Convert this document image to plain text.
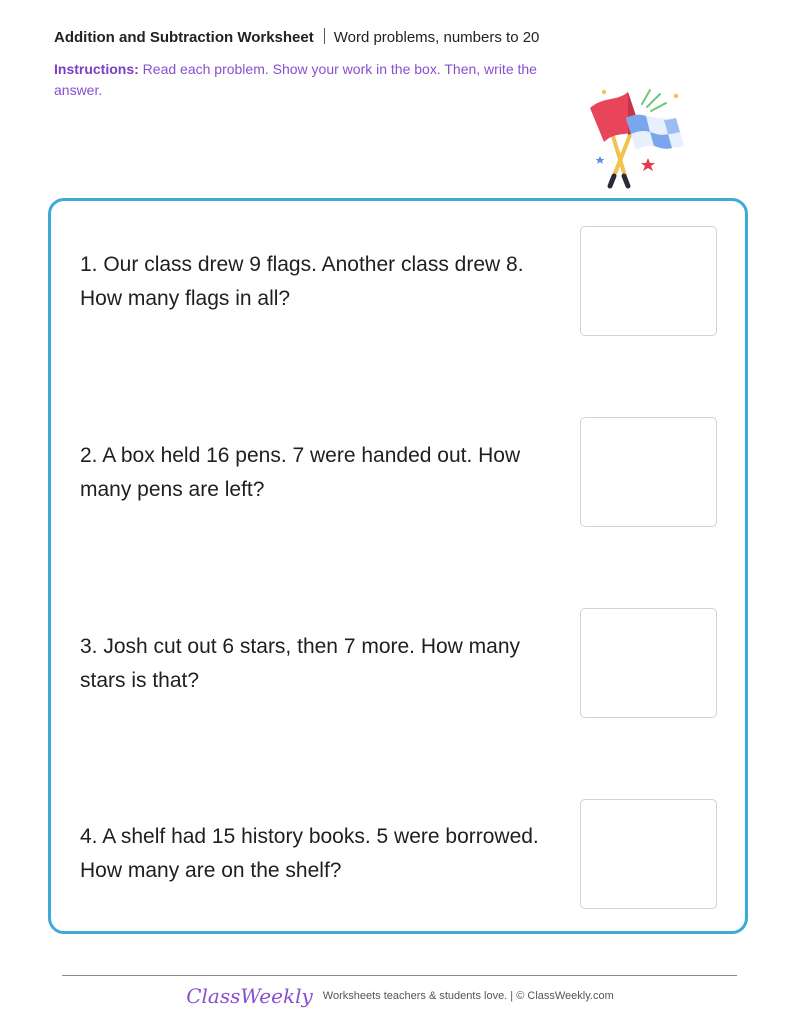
Addition and Subtraction Worksheet Word problems, numbers to 20
Instructions: Read each problem. Show your work in the box. Then, write the answer.
1. Our class drew 9 flags. Another class drew 8. How many flags in all?
2. A box held 16 pens. 7 were handed out. How many pens are left?
3. Josh cut out 6 stars, then 7 more. How many stars is that?
4. A shelf had 15 history books. 5 were borrowed. How many are on the shelf?
ClassWeekly Worksheets teachers & students love. | © ClassWeekly.com
